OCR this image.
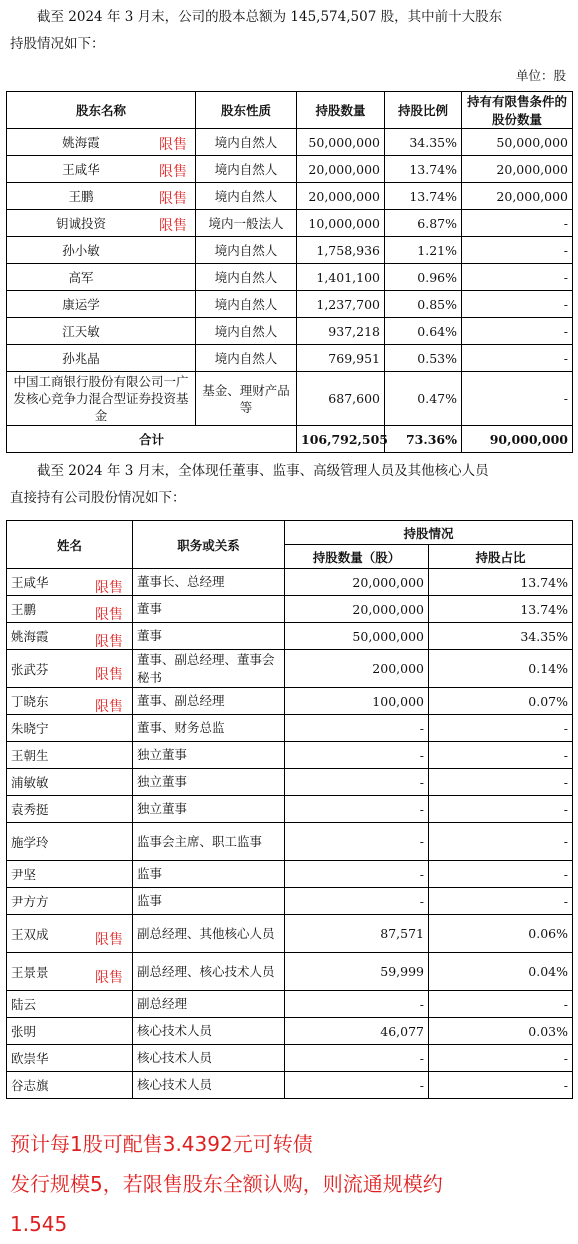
截至 2024 年 3 月末，公司的股本总额为 145,574,507 股，其中前十大股东
持股情况如下：
单位：股
股东名称	股东性质	持股数量	持股比例	持有有限售条件的股份数量
姚海霞 限售	境内自然人	50,000,000	34.35%	50,000,000
王咸华 限售	境内自然人	20,000,000	13.74%	20,000,000
王鹏 限售	境内自然人	20,000,000	13.74%	20,000,000
钥诚投资 限售	境内一般法人	10,000,000	6.87%	-
孙小敏	境内自然人	1,758,936	1.21%	-
高军	境内自然人	1,401,100	0.96%	-
康运学	境内自然人	1,237,700	0.85%	-
江天敏	境内自然人	937,218	0.64%	-
孙兆晶	境内自然人	769,951	0.53%	-

中国工商银行股份有限公司一广发核心竞争力混合型证券投资基金	基金、理财产品等	687,600	0.47%	-
合计		106,792,505	73.36%	90,000,000
截至 2024 年 3 月末，全体现任董事、监事、高级管理人员及其他核心人员
直接持有公司股份情况如下：
姓名	职务或关系	持股情况	
		持股数量（股）	持股占比
王咸华 限售	董事长、总经理	20,000,000	13.74%
王鹏 限售	董事	20,000,000	13.74%
姚海霞 限售	董事	50,000,000	34.35%
张武芬 限售	董事、副总经理、董事会秘书	200,000	0.14%
丁晓东 限售	董事、副总经理	100,000	0.07%
朱晓宁	董事、财务总监	-	-
王朝生	独立董事	-	-
浦敏敏	独立董事	-	-
袁秀挺	独立董事	-	-
施学玲	监事会主席、职工监事	-	-
尹坚	监事	-	-
尹方方	监事	-	-
王双成 限售	副总经理、其他核心人员	87,571	0.06%
王景景 限售	副总经理、核心技术人员	59,999	0.04%
陆云	副总经理	-	-
张明	核心技术人员	46,077	0.03%
欧崇华	核心技术人员	-	-
谷志旗	核心技术人员	-	-
预计每1股可配售3.4392元可转债
发行规模5，若限售股东全额认购，则流通规模约
1.545
